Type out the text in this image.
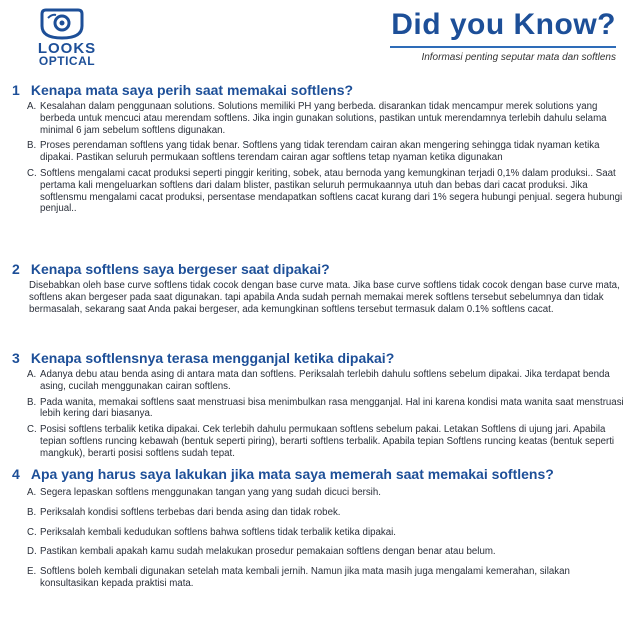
LOOKS
OPTICAL
Did you Know?
Informasi penting seputar mata dan softlens
1 Kenapa mata saya perih saat memakai softlens?
A. Kesalahan dalam penggunaan solutions. Solutions memiliki PH yang berbeda. disarankan tidak mencampur merek solutions yang berbeda untuk mencuci atau merendam softlens. Jika ingin gunakan solutions, pastikan untuk merendamnya terlebih dahulu selama minimal 6 jam sebelum softlens digunakan.
B. Proses perendaman softlens yang tidak benar. Softlens yang tidak terendam cairan akan mengering sehingga tidak nyaman ketika dipakai. Pastikan seluruh permukaan softlens terendam cairan agar softlens tetap nyaman ketika digunakan
C. Softlens mengalami cacat produksi seperti pinggir keriting, sobek, atau bernoda yang kemungkinan terjadi 0,1% dalam produksi.. Saat pertama kali mengeluarkan softlens dari dalam blister, pastikan seluruh permukaannya utuh dan bebas dari cacat produksi. Jika softlensmu mengalami cacat produksi, persentase mendapatkan softlens cacat kurang dari 1% segera hubungi penjual. segera hubungi penjual..
2 Kenapa softlens saya bergeser saat dipakai?
Disebabkan oleh base curve softlens tidak cocok dengan base curve mata. Jika base curve softlens tidak cocok dengan base curve mata, softlens akan bergeser pada saat digunakan. tapi apabila Anda sudah pernah memakai merek softlens tersebut sebelumnya dan tidak bermasalah, sekarang saat Anda pakai bergeser, ada kemungkinan softlens tersebut termasuk dalam 0.1% softlens cacat.
3 Kenapa softlensnya terasa mengganjal ketika dipakai?
A. Adanya debu atau benda asing di antara mata dan softlens. Periksalah terlebih dahulu softlens sebelum dipakai. Jika terdapat benda asing, cucilah menggunakan cairan softlens.
B. Pada wanita, memakai softlens saat menstruasi bisa menimbulkan rasa mengganjal. Hal ini karena kondisi mata wanita saat menstruasi lebih kering dari biasanya.
C. Posisi softlens terbalik ketika dipakai. Cek terlebih dahulu permukaan softlens sebelum pakai. Letakan Softlens di ujung jari. Apabila tepian softlens runcing kebawah (bentuk seperti piring), berarti softlens terbalik. Apabila tepian Softlens runcing keatas (bentuk seperti mangkuk), berarti posisi softlens sudah tepat.
4 Apa yang harus saya lakukan jika mata saya memerah saat memakai softlens?
A. Segera lepaskan softlens menggunakan tangan yang yang sudah dicuci bersih.
B. Periksalah kondisi softlens terbebas dari benda asing dan tidak robek.
C. Periksalah kembali kedudukan softlens bahwa softlens tidak terbalik ketika dipakai.
D. Pastikan kembali apakah kamu sudah melakukan prosedur pemakaian softlens dengan benar atau belum.
E. Softlens boleh kembali digunakan setelah mata kembali jernih. Namun jika mata masih juga mengalami kemerahan, silakan konsultasikan kepada praktisi mata.
